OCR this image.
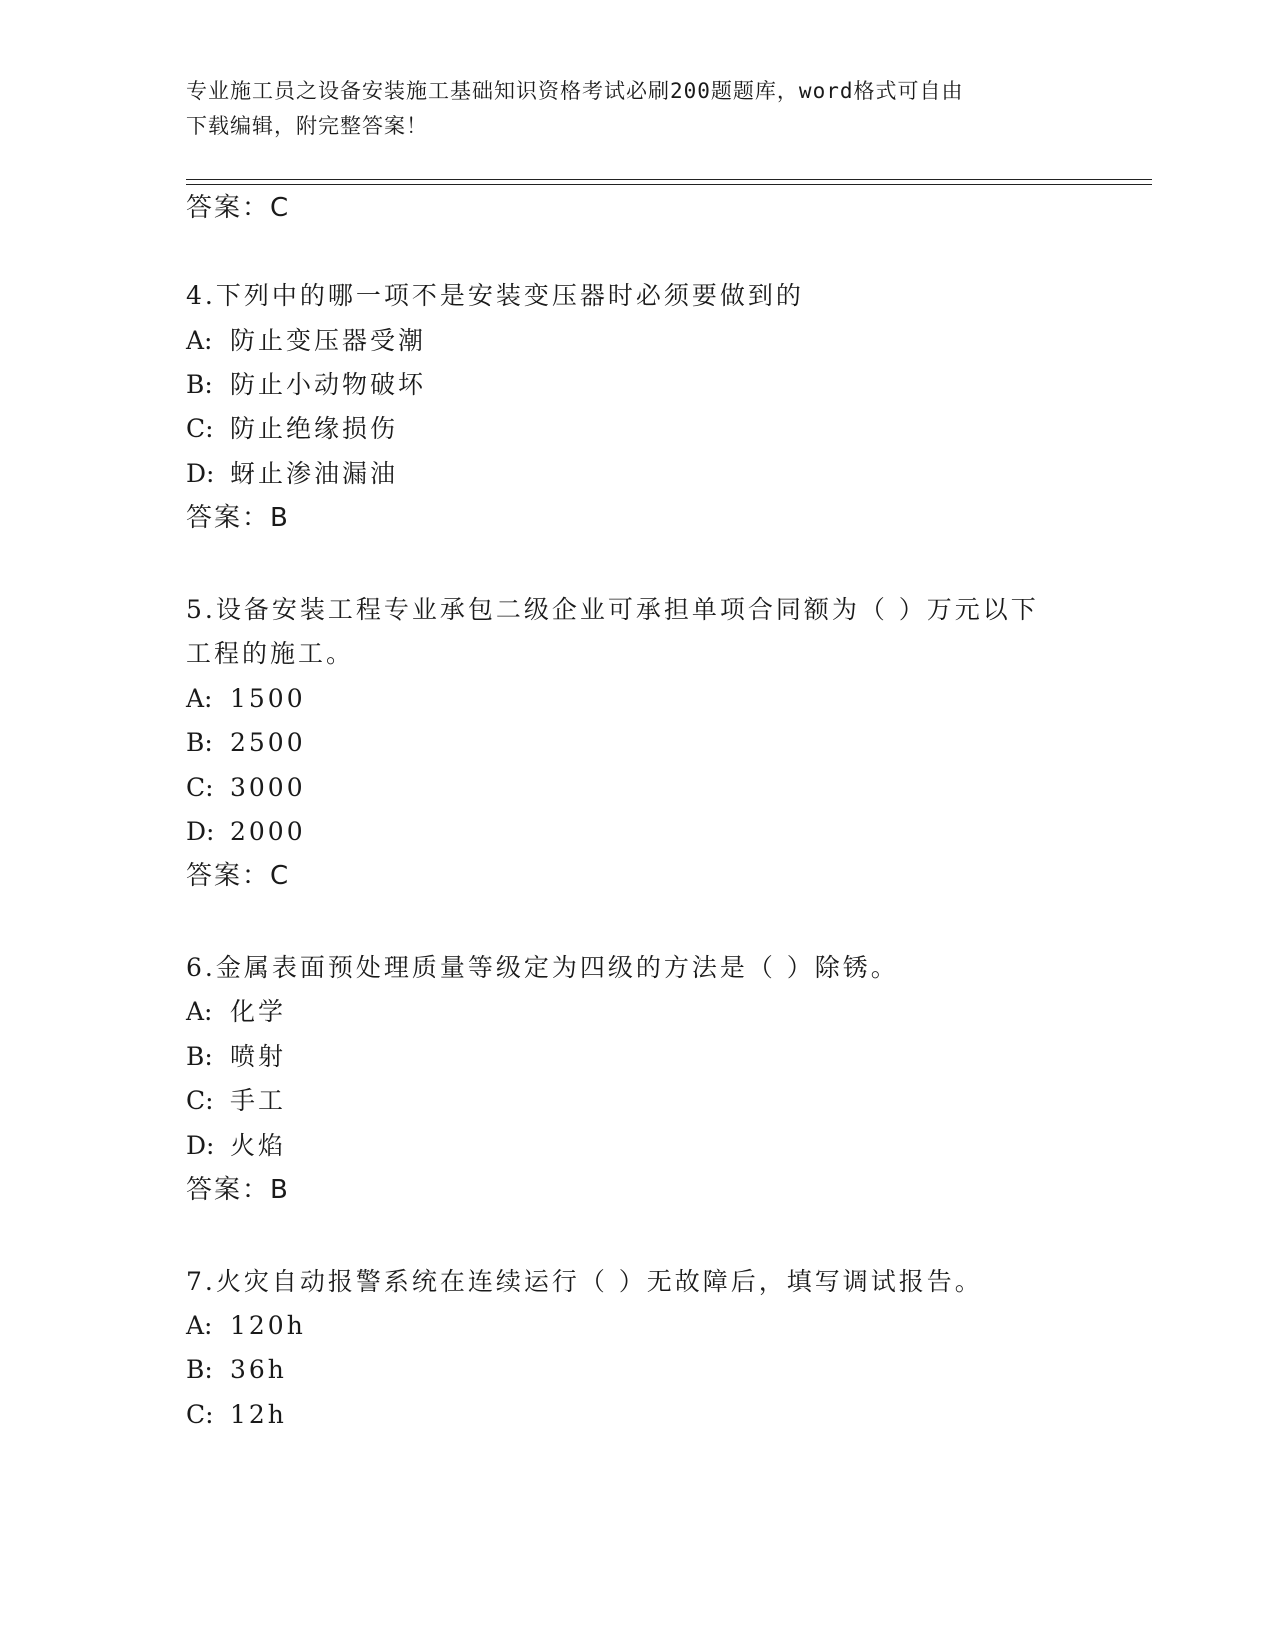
专业施工员之设备安装施工基础知识资格考试必刷200题题库，word格式可自由
下载编辑，附完整答案！
答案：C
4.下列中的哪一项不是安装变压器时必须要做到的
A: 防止变压器受潮
B: 防止小动物破坏
C: 防止绝缘损伤
D: 蚜止渗油漏油
答案：B
5.设备安装工程专业承包二级企业可承担单项合同额为（ ）万元以下
工程的施工。
A: 1500
B: 2500
C: 3000
D: 2000
答案：C
6.金属表面预处理质量等级定为四级的方法是（ ）除锈。
A: 化学
B: 喷射
C: 手工
D: 火焰
答案：B
7.火灾自动报警系统在连续运行（ ）无故障后，填写调试报告。
A: 120h
B: 36h
C: 12h
